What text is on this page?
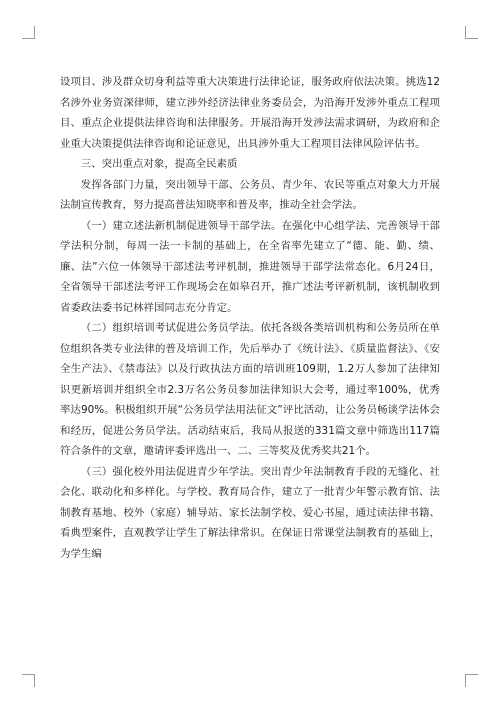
设项目、涉及群众切身利益等重大决策进行法律论证，服务政府依法决策。挑选12名涉外业务资深律师，建立涉外经济法律业务委员会，为沿海开发涉外重点工程项目、重点企业提供法律咨询和法律服务。开展沿海开发涉法需求调研，为政府和企业重大决策提供法律咨询和论证意见，出具涉外重大工程项目法律风险评估书。

三、突出重点对象，提高全民素质

发挥各部门力量，突出领导干部、公务员、青少年、农民等重点对象大力开展法制宣传教育，努力提高普法知晓率和普及率，推动全社会学法。

（一）建立述法新机制促进领导干部学法。在强化中心组学法、完善领导干部学法积分制，每周一法一卡制的基础上，在全省率先建立了“德、能、勤、绩、廉、法”六位一体领导干部述法考评机制，推进领导干部学法常态化。6月24日，全省领导干部述法考评工作现场会在如皋召开，推广述法考评新机制，该机制收到省委政法委书记林祥国同志充分肯定。

（二）组织培训考试促进公务员学法。依托各级各类培训机构和公务员所在单位组织各类专业法律的普及培训工作，先后举办了《统计法》、《质量监督法》、《安全生产法》、《禁毒法》以及行政执法方面的培训班109期，1.2万人参加了法律知识更新培训并组织全市2.3万名公务员参加法律知识大会考，通过率100%，优秀率达90%。积极组织开展“公务员学法用法征文”评比活动，让公务员畅谈学法体会和经历，促进公务员学法。活动结束后，我局从报送的331篇文章中筛选出117篇符合条件的文章，邀请评委评选出一、二、三等奖及优秀奖共21个。

（三）强化校外用法促进青少年学法。突出青少年法制教育手段的无缝化、社会化、联动化和多样化。与学校、教育局合作，建立了一批青少年警示教育馆、法制教育基地、校外（家庭）辅导站、家长法制学校、爱心书屋，通过读法律书籍、看典型案件，直观教学让学生了解法律常识。在保证日常课堂法制教育的基础上，为学生编
